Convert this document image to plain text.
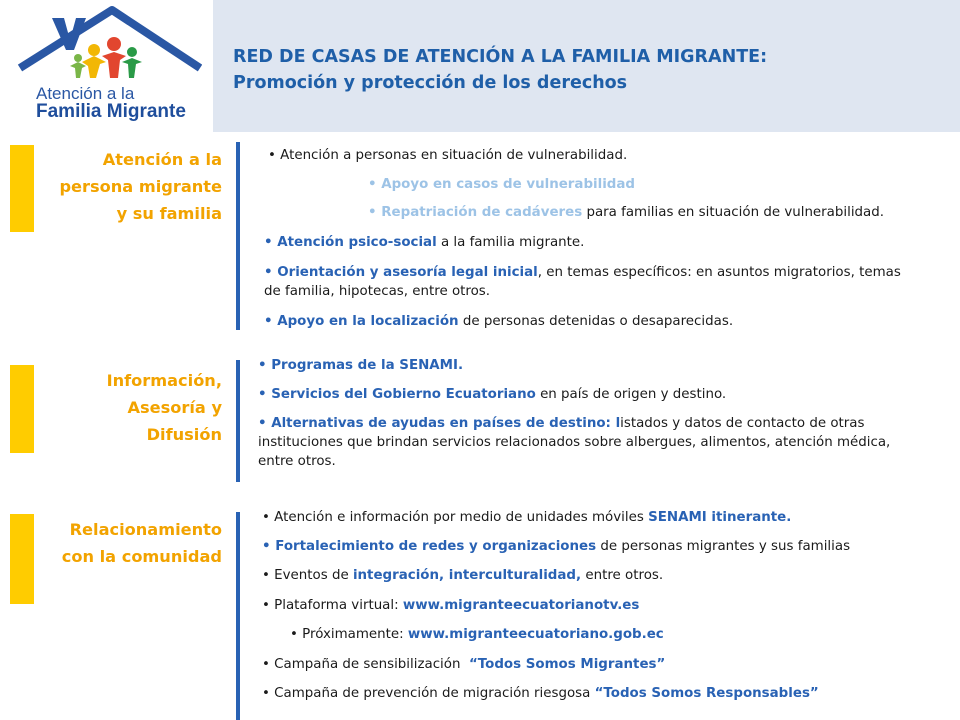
Atención a la
Familia Migrante
RED DE CASAS DE ATENCIÓN A LA FAMILIA MIGRANTE:
Promoción y protección de los derechos
Atención a la
persona migrante
y su familia
• Atención a personas en situación de vulnerabilidad.
• Apoyo en casos de vulnerabilidad
• Repatriación de cadáveres para familias en situación de vulnerabilidad.
• Atención psico-social a la familia migrante.
• Orientación y asesoría legal inicial, en temas específicos: en asuntos migratorios, temas de familia, hipotecas, entre otros.
• Apoyo en la localización de personas detenidas o desaparecidas.
Información,
Asesoría y
Difusión
• Programas de la SENAMI.
• Servicios del Gobierno Ecuatoriano en país de origen y destino.
• Alternativas de ayudas en países de destino: listados y datos de contacto de otras instituciones que brindan servicios relacionados sobre albergues, alimentos, atención médica, entre otros.
Relacionamiento
con la comunidad
• Atención e información por medio de unidades móviles SENAMI itinerante.
• Fortalecimiento de redes y organizaciones de personas migrantes y sus familias
• Eventos de integración, interculturalidad, entre otros.
• Plataforma virtual: www.migranteecuatorianotv.es
• Próximamente: www.migranteecuatoriano.gob.ec
• Campaña de sensibilización  “Todos Somos Migrantes”
• Campaña de prevención de migración riesgosa “Todos Somos Responsables”
